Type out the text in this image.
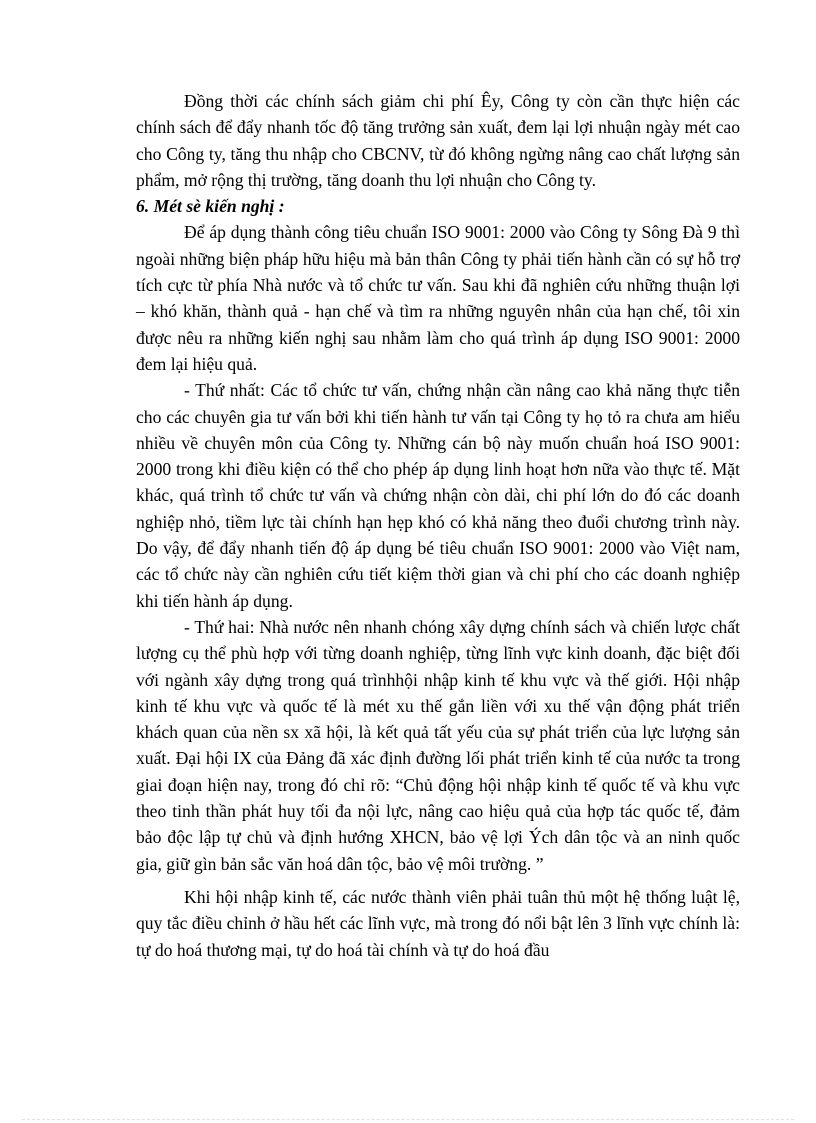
Đồng thời các chính sách giảm chi phí Êy, Công ty còn cần thực hiện các chính sách để đẩy nhanh tốc độ tăng trưởng sản xuất, đem lại lợi nhuận ngày mét cao cho Công ty, tăng thu nhập cho CBCNV, từ đó không ngừng nâng cao chất lượng sản phẩm, mở rộng thị trường, tăng doanh thu lợi nhuận cho Công ty.

6. Mét sè kiến nghị :

Để áp dụng thành công tiêu chuẩn ISO 9001: 2000 vào Công ty Sông Đà 9 thì ngoài những biện pháp hữu hiệu mà bản thân Công ty phải tiến hành cần có sự hỗ trợ tích cực từ phía Nhà nước và tổ chức tư vấn. Sau khi đã nghiên cứu những thuận lợi – khó khăn, thành quả - hạn chế và tìm ra những nguyên nhân của hạn chế, tôi xin được nêu ra những kiến nghị sau nhằm làm cho quá trình áp dụng ISO 9001: 2000 đem lại hiệu quả.

- Thứ nhất: Các tổ chức tư vấn, chứng nhận cần nâng cao khả năng thực tiễn cho các chuyên gia tư vấn bởi khi tiến hành tư vấn tại Công ty họ tỏ ra chưa am hiểu nhiều về chuyên môn của Công ty. Những cán bộ này muốn chuẩn hoá ISO 9001: 2000 trong khi điều kiện có thể cho phép áp dụng linh hoạt hơn nữa vào thực tế. Mặt khác, quá trình tổ chức tư vấn và chứng nhận còn dài, chi phí lớn do đó các doanh nghiệp nhỏ, tiềm lực tài chính hạn hẹp khó có khả năng theo đuổi chương trình này. Do vậy, để đẩy nhanh tiến độ áp dụng bé tiêu chuẩn ISO 9001: 2000 vào Việt nam, các tổ chức này cần nghiên cứu tiết kiệm thời gian và chi phí cho các doanh nghiệp khi tiến hành áp dụng.

- Thứ hai: Nhà nước nên nhanh chóng xây dựng chính sách và chiến lược chất lượng cụ thể phù hợp với từng doanh nghiệp, từng lĩnh vực kinh doanh, đặc biệt đối với ngành xây dựng trong quá trìnhhội nhập kinh tế khu vực và thế giới. Hội nhập kinh tế khu vực và quốc tế là mét xu thế gắn liền với xu thế vận động phát triển khách quan của nền sx xã hội, là kết quả tất yếu của sự phát triển của lực lượng sản xuất. Đại hội IX của Đảng đã xác định đường lối phát triển kinh tế của nước ta trong giai đoạn hiện nay, trong đó chỉ rõ: “Chủ động hội nhập kinh tế quốc tế và khu vực theo tinh thần phát huy tối đa nội lực, nâng cao hiệu quả của hợp tác quốc tế, đảm bảo độc lập tự chủ và định hướng XHCN, bảo vệ lợi Ých dân tộc và an ninh quốc gia, giữ gìn bản sắc văn hoá dân tộc, bảo vệ môi trường. ”

Khi hội nhập kinh tế, các nước thành viên phải tuân thủ một hệ thống luật lệ, quy tắc điều chỉnh ở hầu hết các lĩnh vực, mà trong đó nổi bật lên 3 lĩnh vực chính là: tự do hoá thương mại, tự do hoá tài chính và tự do hoá đầu
